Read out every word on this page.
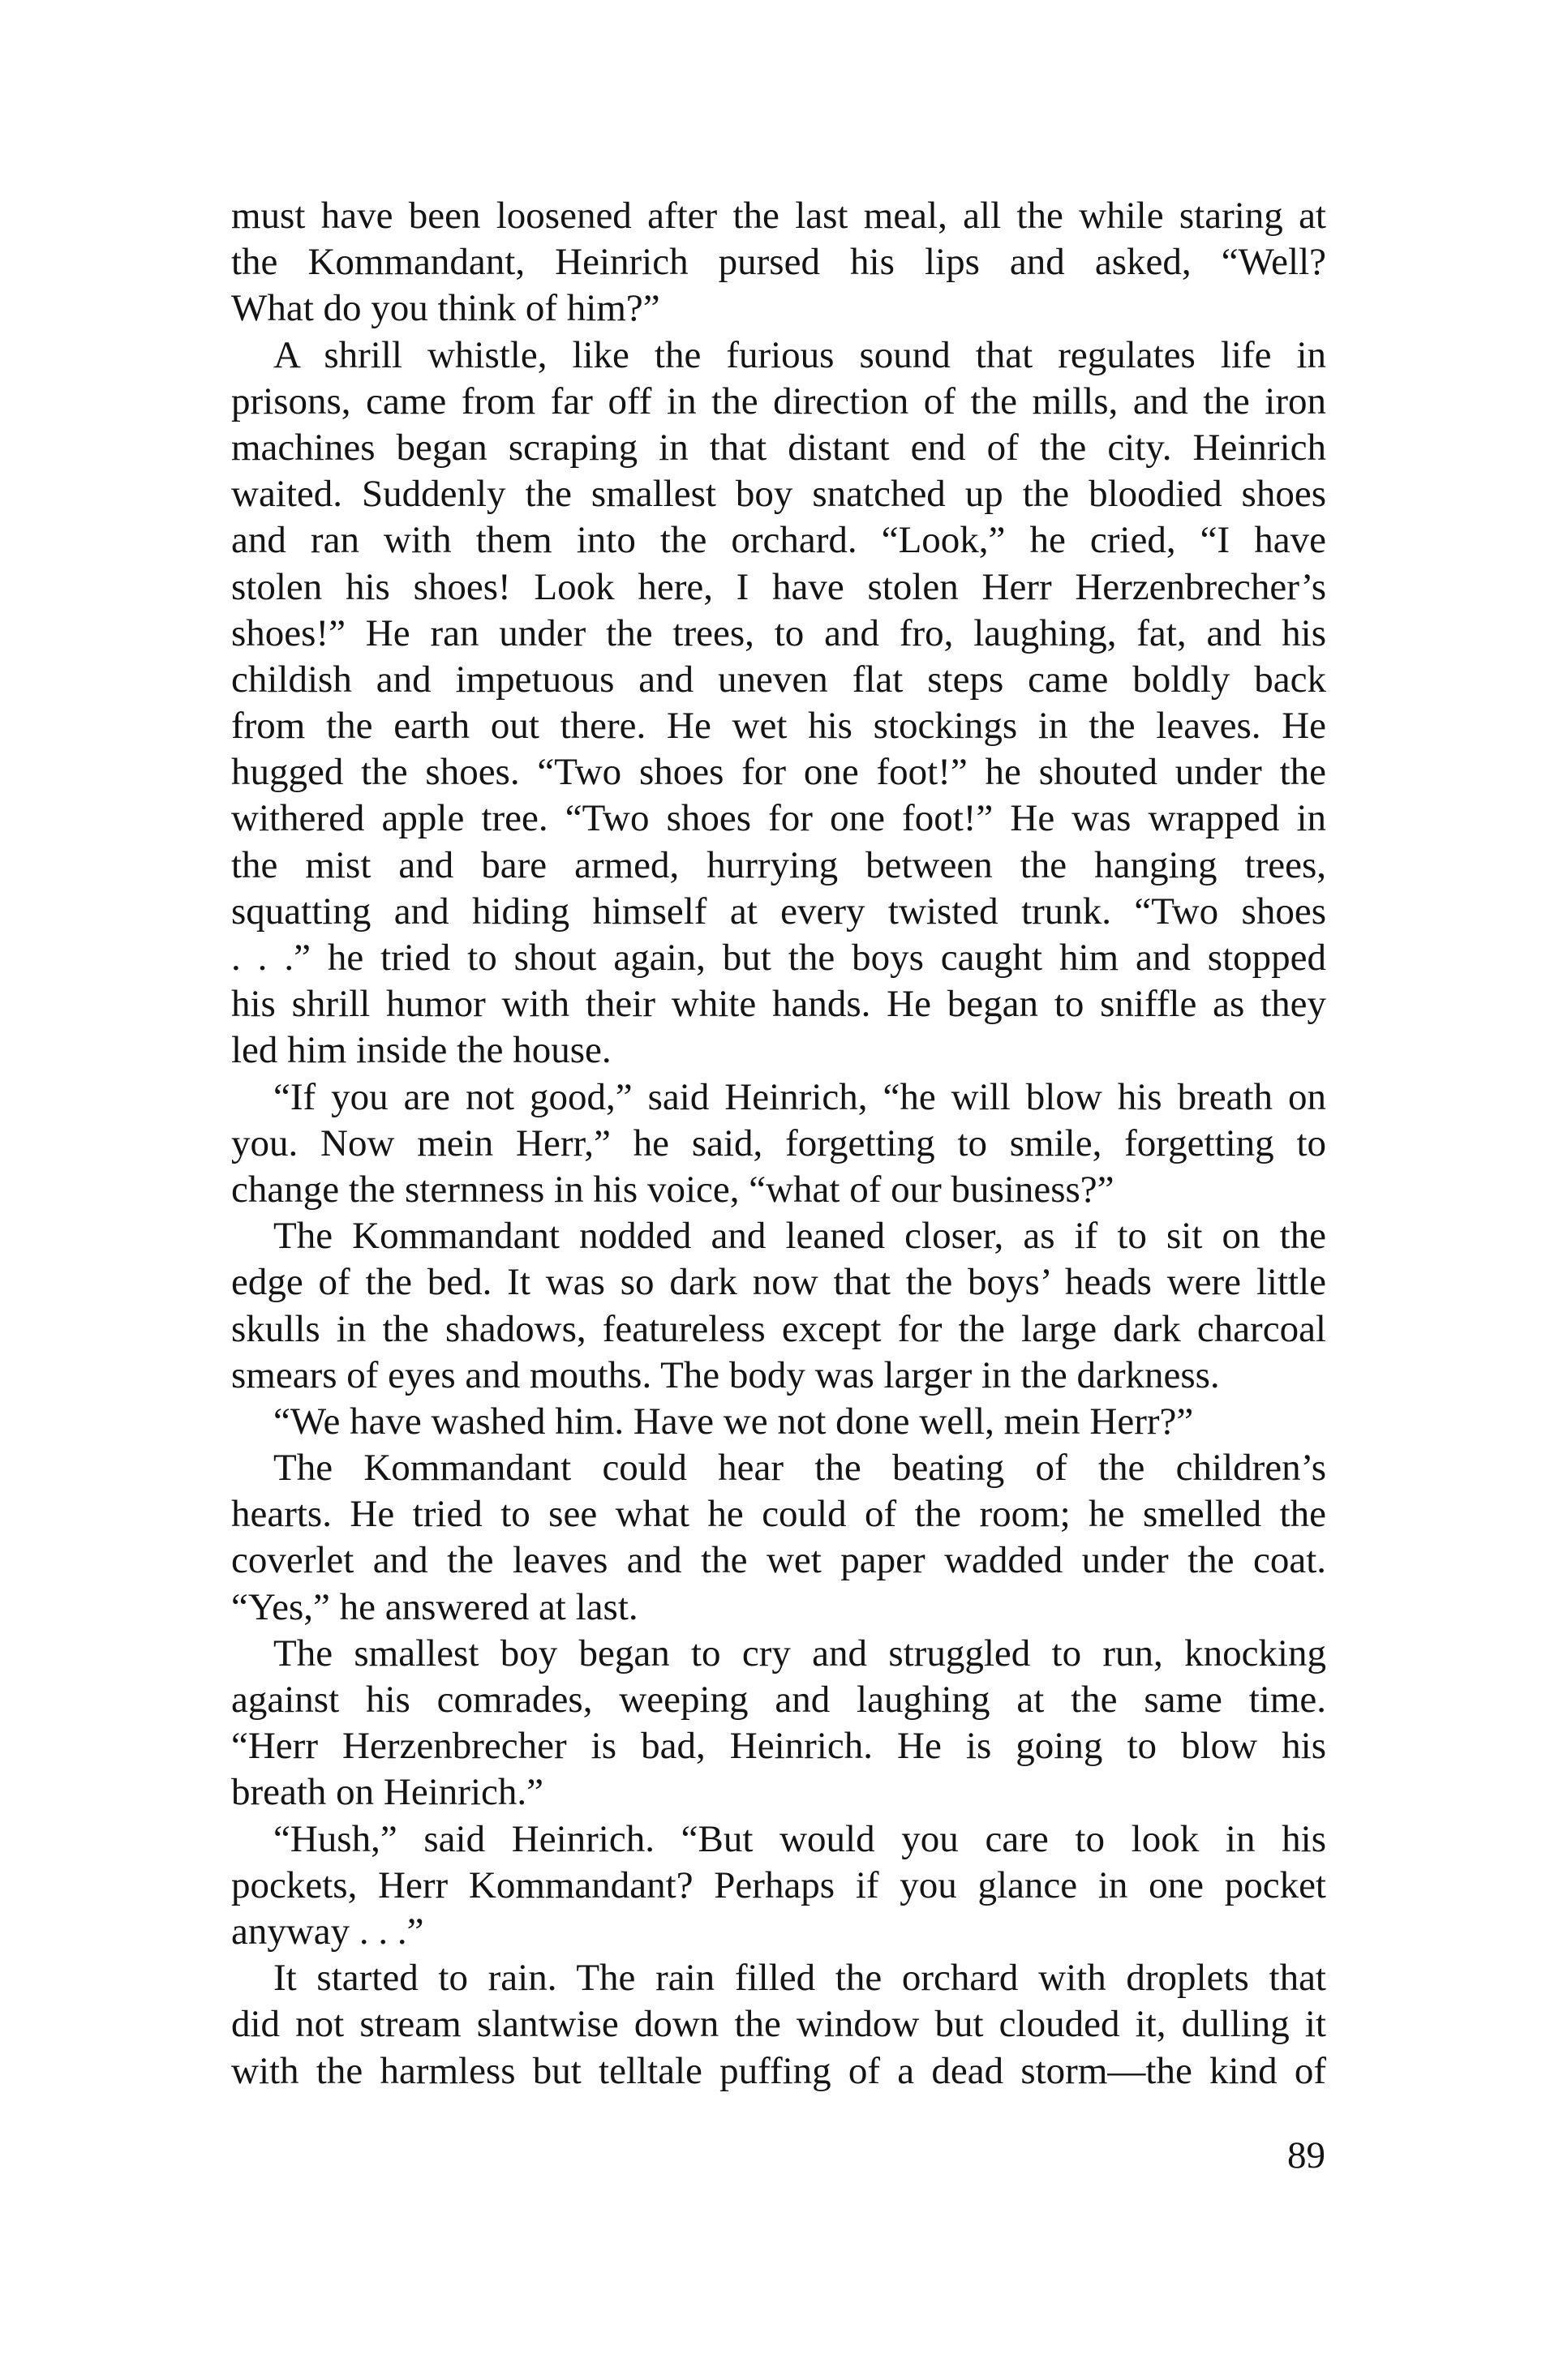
must have been loosened after the last meal, all the while staring at
the Kommandant, Heinrich pursed his lips and asked, “Well?
What do you think of him?”
A shrill whistle, like the furious sound that regulates life in
prisons, came from far off in the direction of the mills, and the iron
machines began scraping in that distant end of the city. Heinrich
waited. Suddenly the smallest boy snatched up the bloodied shoes
and ran with them into the orchard. “Look,” he cried, “I have
stolen his shoes! Look here, I have stolen Herr Herzenbrecher’s
shoes!” He ran under the trees, to and fro, laughing, fat, and his
childish and impetuous and uneven flat steps came boldly back
from the earth out there. He wet his stockings in the leaves. He
hugged the shoes. “Two shoes for one foot!” he shouted under the
withered apple tree. “Two shoes for one foot!” He was wrapped in
the mist and bare armed, hurrying between the hanging trees,
squatting and hiding himself at every twisted trunk. “Two shoes
. . .” he tried to shout again, but the boys caught him and stopped
his shrill humor with their white hands. He began to sniffle as they
led him inside the house.
“If you are not good,” said Heinrich, “he will blow his breath on
you. Now mein Herr,” he said, forgetting to smile, forgetting to
change the sternness in his voice, “what of our business?”
The Kommandant nodded and leaned closer, as if to sit on the
edge of the bed. It was so dark now that the boys’ heads were little
skulls in the shadows, featureless except for the large dark charcoal
smears of eyes and mouths. The body was larger in the darkness.
“We have washed him. Have we not done well, mein Herr?”
The Kommandant could hear the beating of the children’s
hearts. He tried to see what he could of the room; he smelled the
coverlet and the leaves and the wet paper wadded under the coat.
“Yes,” he answered at last.
The smallest boy began to cry and struggled to run, knocking
against his comrades, weeping and laughing at the same time.
“Herr Herzenbrecher is bad, Heinrich. He is going to blow his
breath on Heinrich.”
“Hush,” said Heinrich. “But would you care to look in his
pockets, Herr Kommandant? Perhaps if you glance in one pocket
anyway . . .”
It started to rain. The rain filled the orchard with droplets that
did not stream slantwise down the window but clouded it, dulling it
with the harmless but telltale puffing of a dead storm—the kind of
89
